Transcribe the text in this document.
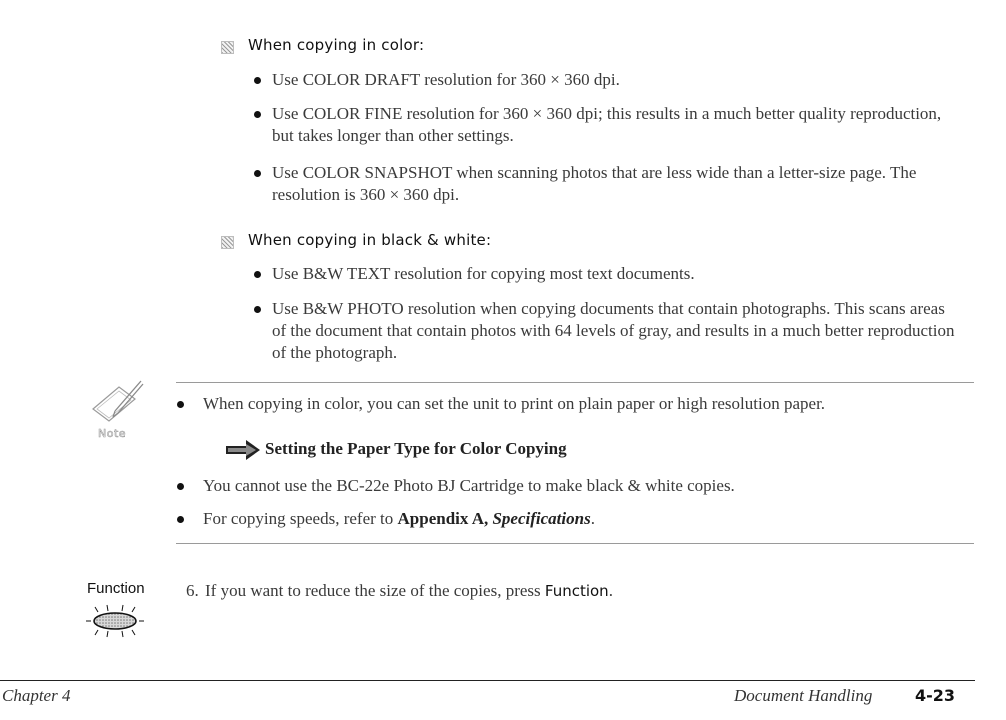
When copying in color:
Use COLOR DRAFT resolution for 360 × 360 dpi.
Use COLOR FINE resolution for 360 × 360 dpi; this results in a much better quality reproduction, but takes longer than other settings.
Use COLOR SNAPSHOT when scanning photos that are less wide than a letter-size page. The resolution is 360 × 360 dpi.
When copying in black & white:
Use B&W TEXT resolution for copying most text documents.
Use B&W PHOTO resolution when copying documents that contain photographs. This scans areas of the document that contain photos with 64 levels of gray, and results in a much better reproduction of the photograph.
Note
When copying in color, you can set the unit to print on plain paper or high resolution paper.
Setting the Paper Type for Color Copying
You cannot use the BC-22e Photo BJ Cartridge to make black & white copies.
For copying speeds, refer to Appendix A, Specifications.
Function 6. If you want to reduce the size of the copies, press Function.
Chapter 4	Document Handling	4-23
